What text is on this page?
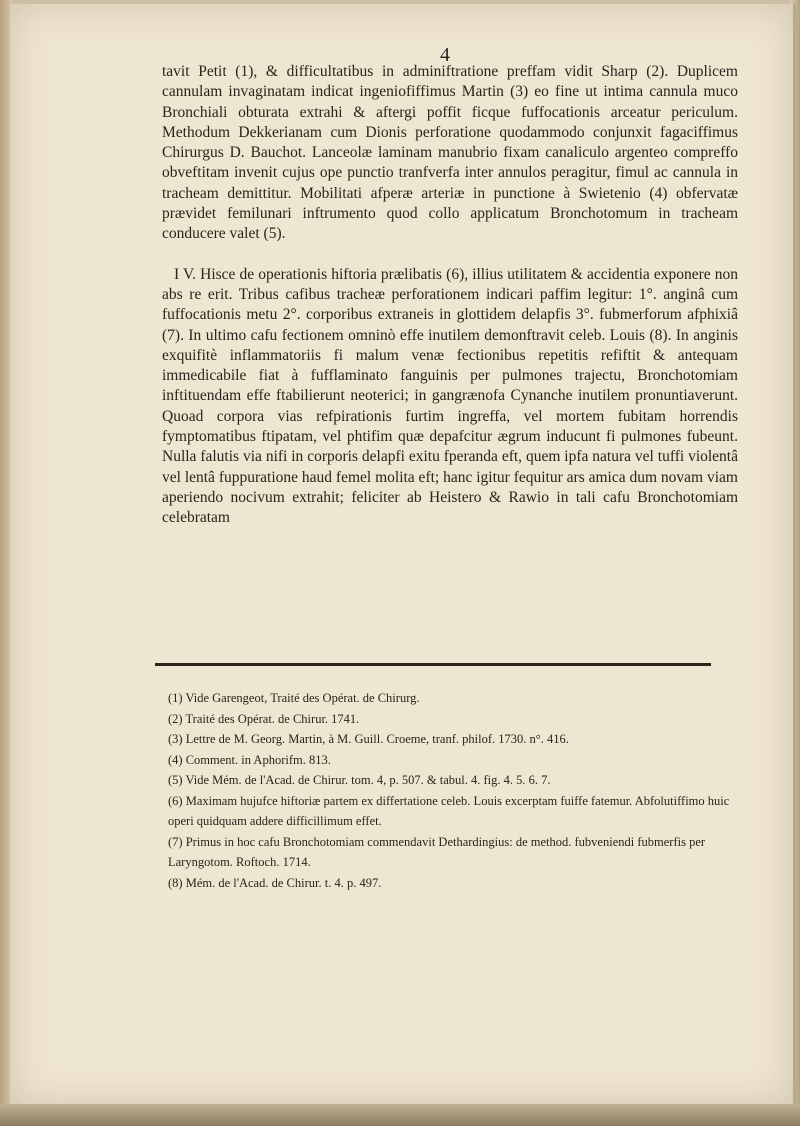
4

tavit Petit (1), & difficultatibus in adminiftratione preffam vidit Sharp (2). Duplicem cannulam invaginatam indicat ingeniofiffimus Martin (3) eo fine ut intima cannula muco Bronchiali obturata extrahi & aftergi poffit ficque fuffocationis arceatur periculum. Methodum Dekkerianam cum Dionis perforatione quodammodo conjunxit fagaciffimus Chirurgus D. Bauchot. Lanceolæ laminam manubrio fixam canaliculo argenteo compreffo obveftitam invenit cujus ope punctio tranfverfa inter annulos peragitur, fimul ac cannula in tracheam demittitur. Mobilitati afperæ arteriæ in punctione à Swietenio (4) obfervatæ prævidet femilunari inftrumento quod collo applicatum Bronchotomum in tracheam conducere valet (5).

I V. Hisce de operationis hiftoria prælibatis (6), illius utilitatem & accidentia exponere non abs re erit. Tribus cafibus tracheæ perforationem indicari paffim legitur: 1°. anginâ cum fuffocationis metu 2°. corporibus extraneis in glottidem delapfis 3°. fubmerforum afphixiâ (7). In ultimo cafu fectionem omninò effe inutilem demonftravit celeb. Louis (8). In anginis exquifitè inflammatoriis fi malum venæ fectionibus repetitis refiftit & antequam immedicabile fiat à fufflaminato fanguinis per pulmones trajectu, Bronchotomiam inftituendam effe ftabilierunt neoterici; in gangrænofa Cynanche inutilem pronuntiaverunt. Quoad corpora vias refpirationis furtim ingreffa, vel mortem fubitam horrendis fymptomatibus ftipatam, vel phtifim quæ depafcitur ægrum inducunt fi pulmones fubeunt. Nulla falutis via nifi in corporis delapfi exitu fperanda eft, quem ipfa natura vel tuffi violentâ vel lentâ fuppuratione haud femel molita eft; hanc igitur fequitur ars amica dum novam viam aperiendo nocivum extrahit; feliciter ab Heistero & Rawio in tali cafu Bronchotomiam celebratam

(1) Vide Garengeot, Traité des Opérat. de Chirurg.

(2) Traité des Opérat. de Chirur. 1741.

(3) Lettre de M. Georg. Martin, à M. Guill. Croeme, tranf. philof. 1730. n°. 416.

(4) Comment. in Aphorifm. 813.

(5) Vide Mém. de l'Acad. de Chirur. tom. 4, p. 507. & tabul. 4. fig. 4. 5. 6. 7.

(6) Maximam hujufce hiftoriæ partem ex differtatione celeb. Louis excerptam fuiffe fatemur. Abfolutiffimo huic operi quidquam addere difficillimum effet.

(7) Primus in hoc cafu Bronchotomiam commendavit Dethardingius: de method. fubveniendi fubmerfis per Laryngotom. Roftoch. 1714.

(8) Mém. de l'Acad. de Chirur. t. 4. p. 497.
